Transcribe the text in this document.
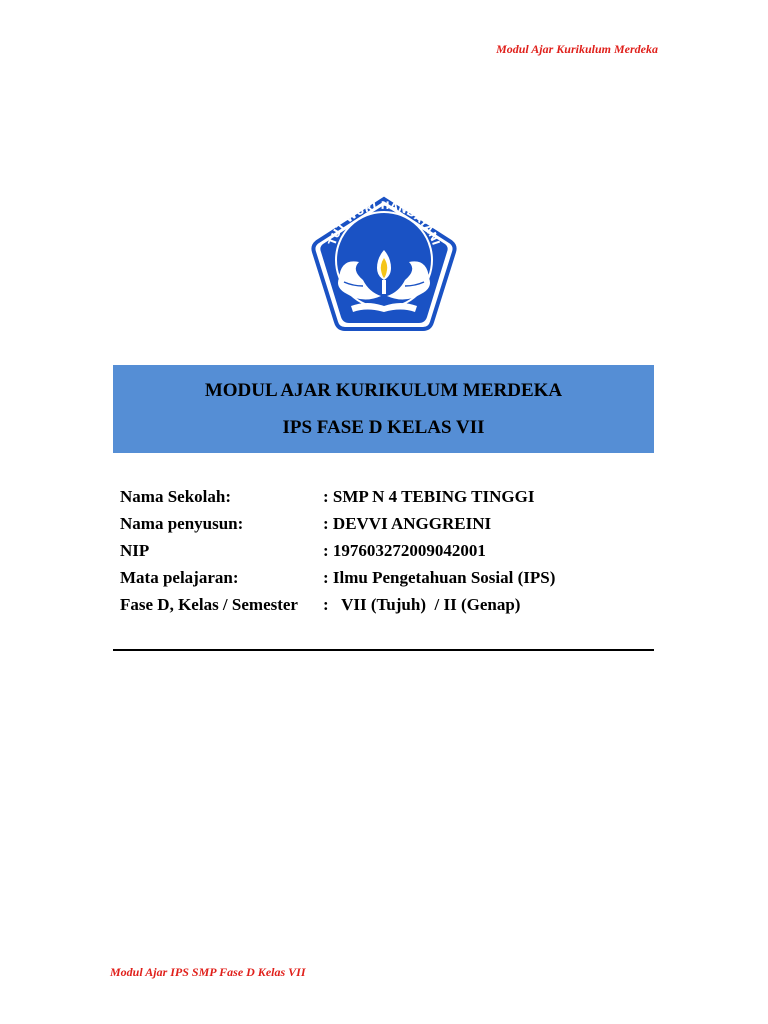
Modul Ajar Kurikulum Merdeka
TUT WURI HANDAYANI
MODUL AJAR KURIKULUM MERDEKA
IPS FASE D KELAS VII
Nama Sekolah:	: SMP N 4 TEBING TINGGI
Nama penyusun:	: DEVVI ANGGREINI
NIP	: 197603272009042001
Mata pelajaran:	: Ilmu Pengetahuan Sosial (IPS)
Fase D, Kelas / Semester :   VII (Tujuh)  / II (Genap)
Modul Ajar IPS SMP Fase D Kelas VII
